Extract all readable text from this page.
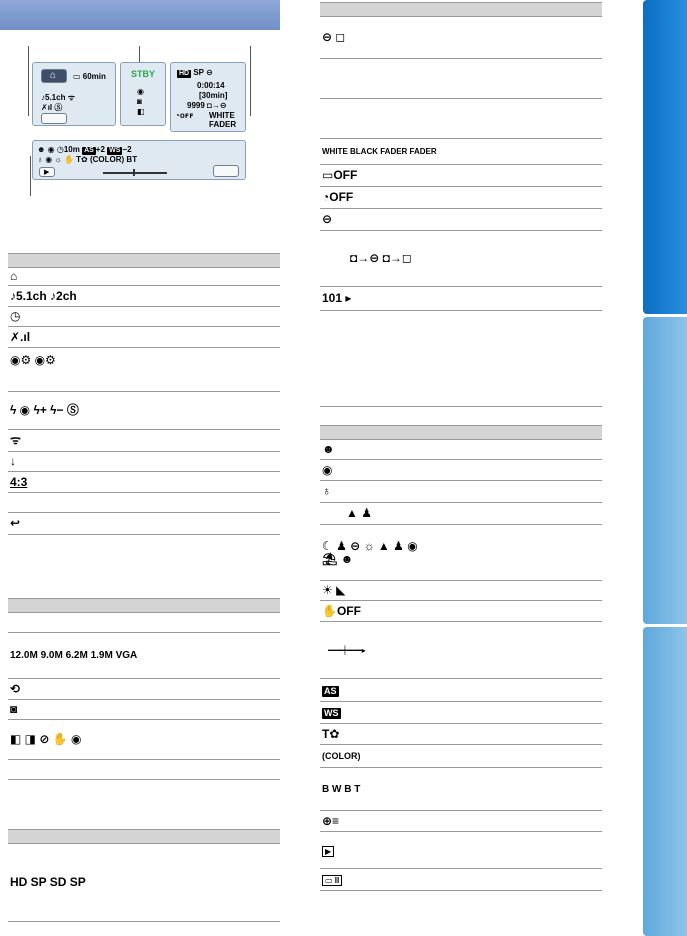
⌂ ▭ 60min
♪5.1ch ᯤ
✗ıl Ⓢ
STBY
◉
◙
◧
HD SP ⊖
0:00:14
[30min]
9999 ◘→⊖
◔ᴏꜰꜰ WHITE
FADER
☻ ◉ ◷10m AS +2 WS −2
♁ ◉ ☼ ✋ T✿ (COLOR) BT
▶
⌂
♪5.1ch ♪2ch
◷
✗.ıl
◉⚙ ◉⚙
ϟ ◉ ϟ+ ϟ− Ⓢ
ᯤ
↓
4:3
↩
12.0M 9.0M 6.2M 1.9M VGA
⟲
◙
◧ ◨ ⊘ ✋ ◉
HD SP SD SP
⊖ ◻
WHITE BLACK FADER FADER
▭OFF
◔OFF
⊖
◘→⊖ ◘→◻
101 ▸
☻
◉
♁
▲ ♟
☾ ♟ ⊖ ☼ ▲ ♟ ◉ ⛱ ☻
☀ ◣
✋OFF
━━━┿━━━▸
AS
WS
T✿
(COLOR)
B W B T
⊕≡
▶
▭ II
